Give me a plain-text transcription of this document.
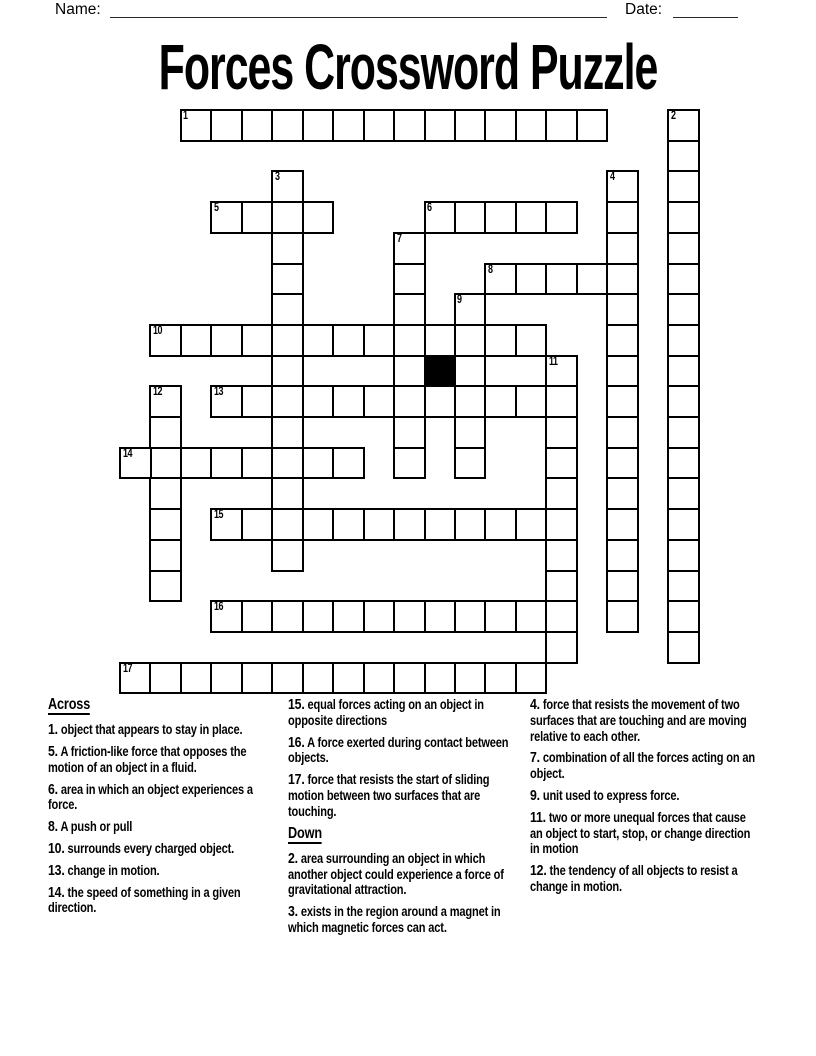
Name:	Date:
Forces Crossword Puzzle
1	2
3	4
5	6
7
8
9
10
11
12	13
14
15
16
17
Across
1. object that appears to stay in place.
5. A friction-like force that opposes the motion of an object in a fluid.
6. area in which an object experiences a force.
8. A push or pull
10. surrounds every charged object.
13. change in motion.
14. the speed of something in a given direction.
15. equal forces acting on an object in opposite directions
16. A force exerted during contact between objects.
17. force that resists the start of sliding motion between two surfaces that are touching.
Down
2. area surrounding an object in which another object could experience a force of gravitational attraction.
3. exists in the region around a magnet in which magnetic forces can act.
4. force that resists the movement of two surfaces that are touching and are moving relative to each other.
7. combination of all the forces acting on an object.
9. unit used to express force.
11. two or more unequal forces that cause an object to start, stop, or change direction in motion
12. the tendency of all objects to resist a change in motion.
